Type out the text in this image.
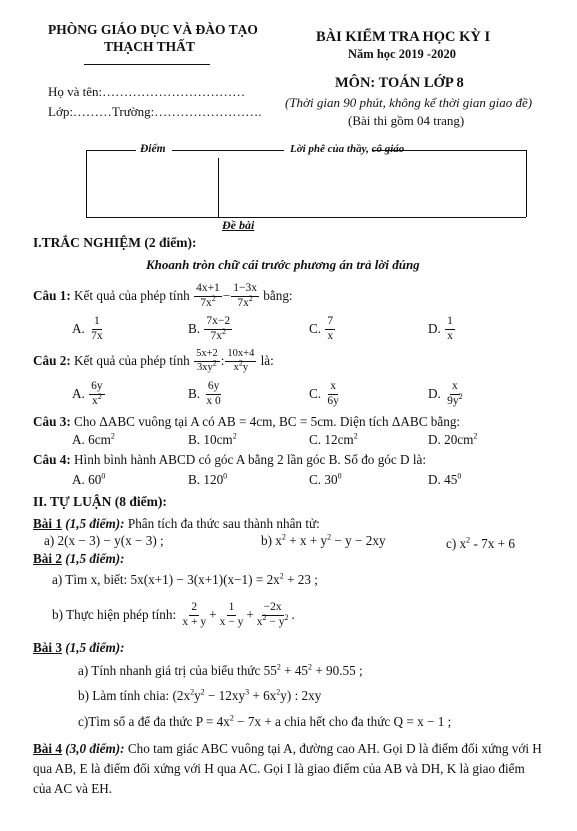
PHÒNG GIÁO DỤC VÀ ĐÀO TẠO
THẠCH THẤT
BÀI KIỂM TRA HỌC KỲ I
Năm học 2019 -2020
MÔN: TOÁN LỚP 8
(Thời gian 90 phút, không kể thời gian giao đề)
(Bài thi gồm 04 trang)
Họ và tên:……………………………
Lớp:………Trường:…………………….
Điểm	Lời phê của thầy, cô giáo
Đề bài
I.TRẮC NGHIỆM (2 điểm):
Khoanh tròn chữ cái trước phương án trả lời đúng
Câu 1:
Kết quả của phép tính
$\frac{4x+1}{7x^2} - \frac{1-3x}{7x^2}$
bằng:
A.
$\frac{1}{7x}$	B.
$\frac{7x-2}{7x^2}$	C.
$\frac{7}{x}$	D.
$\frac{1}{x}$
Câu 2:
Kết quả của phép tính
$\frac{5x+2}{3xy^2}$ : $\frac{10x+4}{x^2y}$
là:
A.
$\frac{6y}{x^2}$	B.
$\frac{6y}{x 0}$	C.
$\frac{x}{6y}$	D.
$\frac{x}{9y^2}$
Câu 3: Cho ΔABC vuông tại A có AB = 4cm, BC = 5cm. Diện tích ΔABC bằng:
A. $6cm^2$	B. $10cm^2$	C. $12cm^2$	D. $20cm^2$
Câu 4: Hình bình hành ABCD có góc A bằng 2 lần góc B. Số đo góc D là:
A. $60^0$	B. $120^0$	C. $30^0$	D. $45^0$
II. TỰ LUẬN (8 điểm):
Bài 1 (1,5 điểm): Phân tích đa thức sau thành nhân tử:
a) 2(x − 3) − y(x − 3) ;	b) $x^2 + x + y^2 - y - 2xy$	c) $x^2 - 7x + 6$
Bài 2 (1,5 điểm):
a) Tìm x, biết: $5x(x+1) - 3(x+1)(x-1) = 2x^2 + 23$ ;
b) Thực hiện phép tính:
$\frac{2}{x + y} + \frac{1}{x - y} + \frac{-2x}{x^2 - y^2}$ .
Bài 3 (1,5 điểm):
a) Tính nhanh giá trị của biểu thức $55^2 + 45^2 + 90.55$ ;
b) Làm tính chia: $(2x^2y^2 - 12xy^3 + 6x^2y)$ : 2xy
c)Tìm số a để đa thức $P = 4x^2 - 7x + a$ chia hết cho đa thức Q = x − 1 ;
Bài 4 (3,0 điểm): Cho tam giác ABC vuông tại A, đường cao AH. Gọi D là điểm đối xứng với H
qua AB, E là điểm đối xứng với H qua AC. Gọi I là giao điểm của AB và DH, K là giao điểm
của AC và EH.
